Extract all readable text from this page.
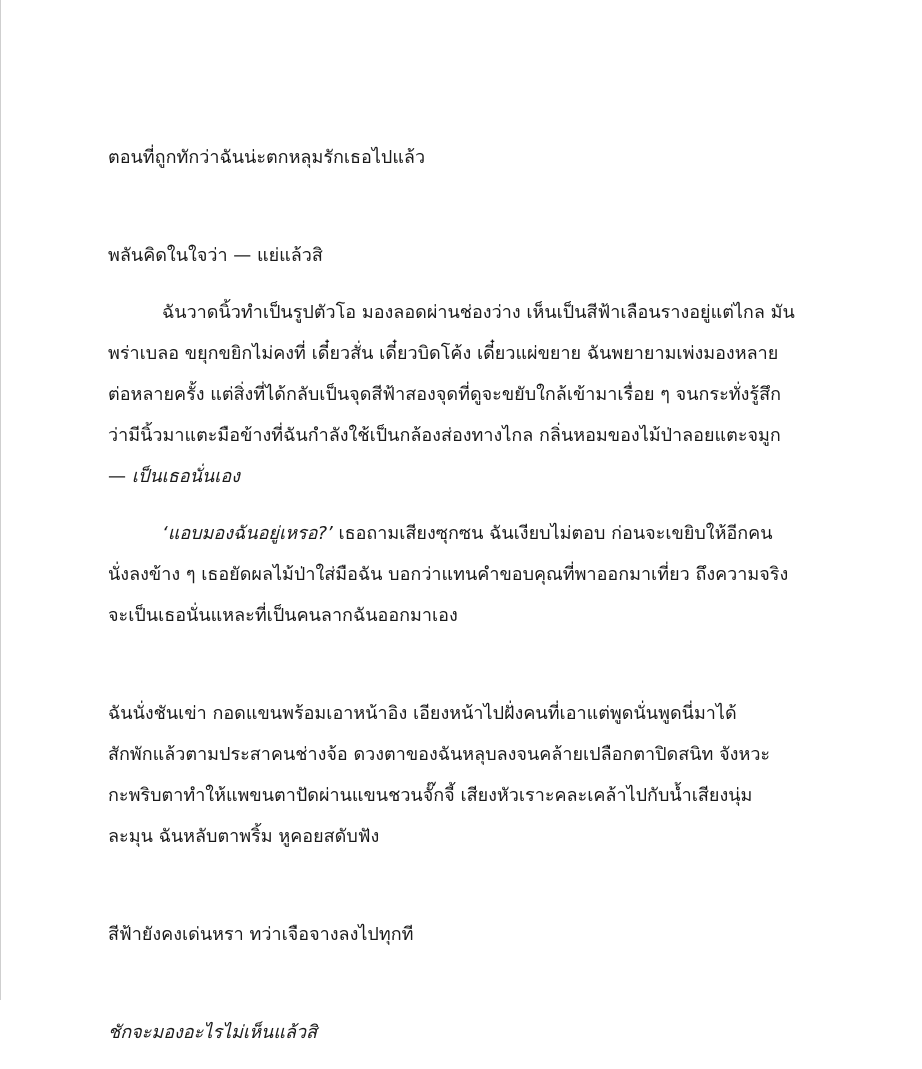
ตอนที่ถูกทักว่าฉันน่ะตกหลุมรักเธอไปแล้ว

พลันคิดในใจว่า — แย่แล้วสิ

ฉันวาดนิ้วทำเป็นรูปตัวโอ มองลอดผ่านช่องว่าง เห็นเป็นสีฟ้าเลือนรางอยู่แต่ไกล มัน
พร่าเบลอ ขยุกขยิกไม่คงที่ เดี๋ยวสั่น เดี๋ยวบิดโค้ง เดี๋ยวแผ่ขยาย ฉันพยายามเพ่งมองหลาย
ต่อหลายครั้ง แต่สิ่งที่ได้กลับเป็นจุดสีฟ้าสองจุดที่ดูจะขยับใกล้เข้ามาเรื่อย ๆ จนกระทั่งรู้สึก
ว่ามีนิ้วมาแตะมือข้างที่ฉันกำลังใช้เป็นกล้องส่องทางไกล กลิ่นหอมของไม้ป่าลอยแตะจมูก
— เป็นเธอนั่นเอง

‘แอบมองฉันอยู่เหรอ?’ เธอถามเสียงซุกซน ฉันเงียบไม่ตอบ ก่อนจะเขยิบให้อีกคน
นั่งลงข้าง ๆ เธอยัดผลไม้ป่าใส่มือฉัน บอกว่าแทนคำขอบคุณที่พาออกมาเที่ยว ถึงความจริง
จะเป็นเธอนั่นแหละที่เป็นคนลากฉันออกมาเอง

ฉันนั่งชันเข่า กอดแขนพร้อมเอาหน้าอิง เอียงหน้าไปฝั่งคนที่เอาแต่พูดนั่นพูดนี่มาได้
สักพักแล้วตามประสาคนช่างจ้อ ดวงตาของฉันหลุบลงจนคล้ายเปลือกตาปิดสนิท จังหวะ
กะพริบตาทำให้แพขนตาปัดผ่านแขนชวนจั๊กจี้ เสียงหัวเราะคละเคล้าไปกับน้ำเสียงนุ่ม
ละมุน ฉันหลับตาพริ้ม หูคอยสดับฟัง

สีฟ้ายังคงเด่นหรา ทว่าเจือจางลงไปทุกที

ชักจะมองอะไรไม่เห็นแล้วสิ
